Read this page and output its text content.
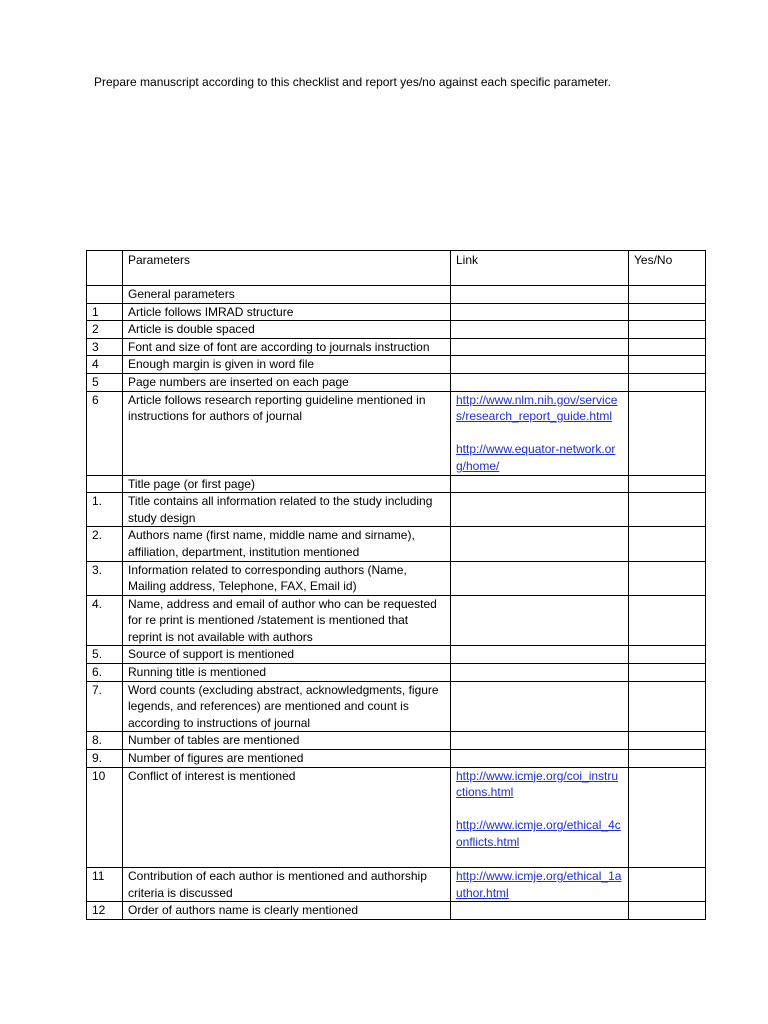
Prepare manuscript according to this checklist and report yes/no against each specific parameter.
	Parameters	Link	Yes/No
	General parameters		
1	Article follows IMRAD structure		
2	Article is double spaced		
3	Font and size of font are according to journals instruction		
4	Enough margin is given in word file		
5	Page numbers are inserted on each page		
6	Article follows research reporting guideline mentioned in instructions for authors of journal	http://www.nlm.nih.gov/services/research_report_guide.html
http://www.equator-network.org/home/	
	Title page (or first page)		
1.	Title contains all information related to the study including study design		
2.	Authors name (first name, middle name and sirname), affiliation, department, institution mentioned		
3.	Information related to corresponding authors (Name, Mailing address, Telephone, FAX, Email id)		
4.	Name, address and email of author who can be requested for re print is mentioned /statement is mentioned that reprint is not available with authors		
5.	Source of support is mentioned		
6.	Running title is mentioned		
7.	Word counts (excluding abstract, acknowledgments, figure legends, and references) are mentioned and count is according to instructions of journal		
8.	Number of tables are mentioned		
9.	Number of figures are mentioned		
10	Conflict of interest is mentioned	http://www.icmje.org/coi_instructions.html
http://www.icmje.org/ethical_4conflicts.html

11	Contribution of each author is mentioned and authorship criteria is discussed	http://www.icmje.org/ethical_1author.html	
12	Order of authors name is clearly mentioned		
